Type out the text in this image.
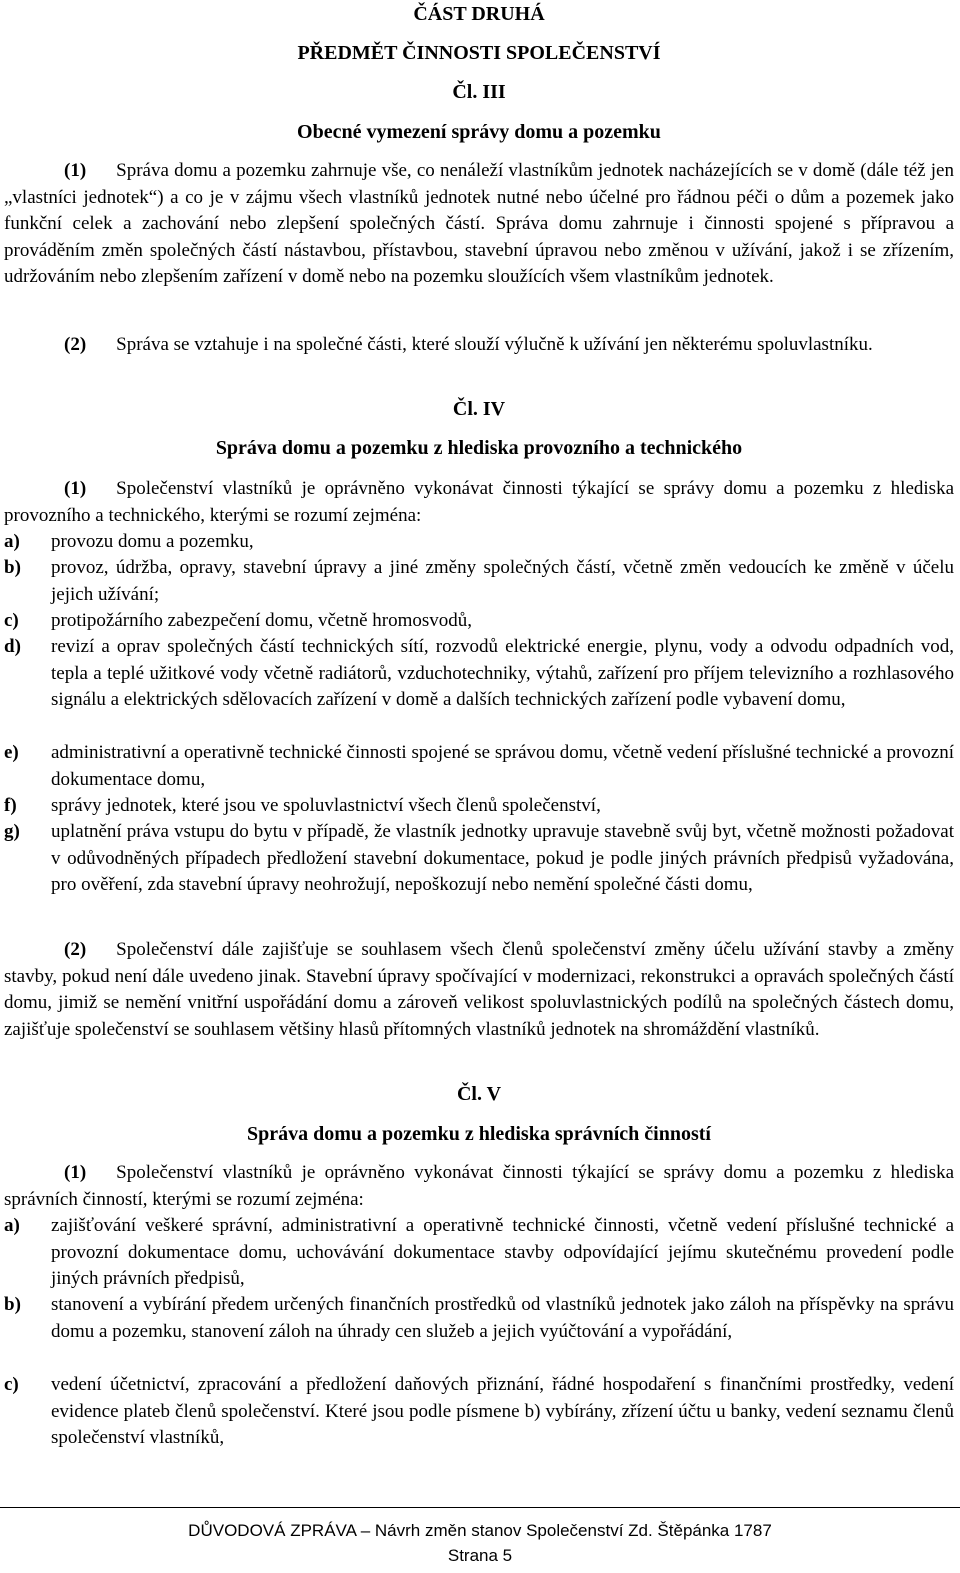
ČÁST DRUHÁ
PŘEDMĚT ČINNOSTI SPOLEČENSTVÍ
Čl. III
Obecné vymezení správy domu a pozemku
(1) Správa domu a pozemku zahrnuje vše, co nenáleží vlastníkům jednotek nacházejících se v domě (dále též jen „vlastníci jednotek“) a co je v zájmu všech vlastníků jednotek nutné nebo účelné pro řádnou péči o dům a pozemek jako funkční celek a zachování nebo zlepšení společných částí. Správa domu zahrnuje i činnosti spojené s přípravou a prováděním změn společných částí nástavbou, přístavbou, stavební úpravou nebo změnou v užívání, jakož i se zřízením, udržováním nebo zlepšením zařízení v domě nebo na pozemku sloužících všem vlastníkům jednotek.
(2) Správa se vztahuje i na společné části, které slouží výlučně k užívání jen některému spoluvlastníku.
Čl. IV
Správa domu a pozemku z hlediska provozního a technického
(1) Společenství vlastníků je oprávněno vykonávat činnosti týkající se správy domu a pozemku z hlediska provozního a technického, kterými se rozumí zejména:
a)	provozu domu a pozemku,
b)	provoz, údržba, opravy, stavební úpravy a jiné změny společných částí, včetně změn vedoucích ke změně v účelu jejich užívání;
c)	protipožárního zabezpečení domu, včetně hromosvodů,
d)	revizí a oprav společných částí technických sítí, rozvodů elektrické energie, plynu, vody a odvodu odpadních vod, tepla a teplé užitkové vody včetně radiátorů, vzduchotechniky, výtahů, zařízení pro příjem televizního a rozhlasového signálu a elektrických sdělovacích zařízení v domě a dalších technických zařízení podle vybavení domu,
e)	administrativní a operativně technické činnosti spojené se správou domu, včetně vedení příslušné technické a provozní dokumentace domu,
f)	správy jednotek, které jsou ve spoluvlastnictví všech členů společenství,
g)	uplatnění práva vstupu do bytu v případě, že vlastník jednotky upravuje stavebně svůj byt, včetně možnosti požadovat v odůvodněných případech předložení stavební dokumentace, pokud je podle jiných právních předpisů vyžadována, pro ověření, zda stavební úpravy neohrožují, nepoškozují nebo nemění společné části domu,
(2) Společenství dále zajišťuje se souhlasem všech členů společenství změny účelu užívání stavby a změny stavby, pokud není dále uvedeno jinak. Stavební úpravy spočívající v modernizaci, rekonstrukci a opravách společných částí domu, jimiž se nemění vnitřní uspořádání domu a zároveň velikost spoluvlastnických podílů na společných částech domu, zajišťuje společenství se souhlasem většiny hlasů přítomných vlastníků jednotek na shromáždění vlastníků.
Čl. V
Správa domu a pozemku z hlediska správních činností
(1) Společenství vlastníků je oprávněno vykonávat činnosti týkající se správy domu a pozemku z hlediska správních činností, kterými se rozumí zejména:
a)	zajišťování veškeré správní, administrativní a operativně technické činnosti, včetně vedení příslušné technické a provozní dokumentace domu, uchovávání dokumentace stavby odpovídající jejímu skutečnému provedení podle jiných právních předpisů,
b)	stanovení a vybírání předem určených finančních prostředků od vlastníků jednotek jako záloh na příspěvky na správu domu a pozemku, stanovení záloh na úhrady cen služeb a jejich vyúčtování a vypořádání,
c)	vedení účetnictví, zpracování a předložení daňových přiznání, řádné hospodaření s finančními prostředky, vedení evidence plateb členů společenství. Které jsou podle písmene b) vybírány, zřízení účtu u banky, vedení seznamu členů společenství vlastníků,
DŮVODOVÁ ZPRÁVA – Návrh změn stanov Společenství Zd. Štěpánka 1787
Strana 5
